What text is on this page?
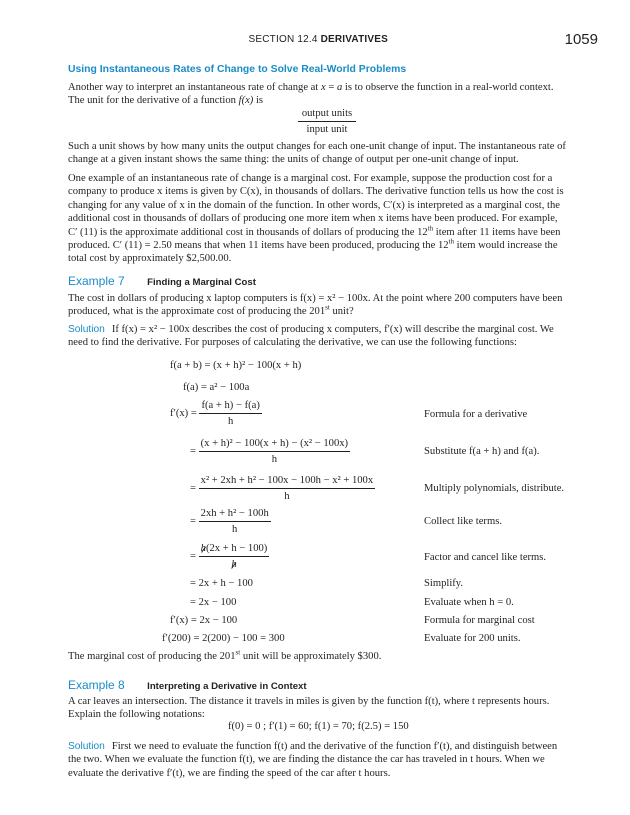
SECTION 12.4 DERIVATIVES	1059
Using Instantaneous Rates of Change to Solve Real-World Problems

Another way to interpret an instantaneous rate of change at x = a is to observe the function in a real-world context.
The unit for the derivative of a function f(x) is

output units
input unit

Such a unit shows by how many units the output changes for each one-unit change of input. The instantaneous rate of
change at a given instant shows the same thing: the units of change of output per one-unit change of input.

One example of an instantaneous rate of change is a marginal cost. For example, suppose the production cost for a
company to produce x items is given by C(x), in thousands of dollars. The derivative function tells us how the cost is
changing for any value of x in the domain of the function. In other words, C′(x) is interpreted as a marginal cost, the
additional cost in thousands of dollars of producing one more item when x items have been produced. For example,
C′ (11) is the approximate additional cost in thousands of dollars of producing the 12th item after 11 items have been
produced. C′ (11) = 2.50 means that when 11 items have been produced, producing the 12th item would increase the
total cost by approximately $2,500.00.

Example 7 Finding a Marginal Cost

The cost in dollars of producing x laptop computers is f(x) = x² − 100x. At the point where 200 computers have been
produced, what is the approximate cost of producing the 201st unit?

Solution If f(x) = x² − 100x describes the cost of producing x computers, f′(x) will describe the marginal cost. We
need to find the derivative. For purposes of calculating the derivative, we can use the following functions:

f(a + b) = (x + h)² − 100(x + h)
f(a) = a² − 100a
$f'(x) = \frac{f(a + h) - f(a)}{h}$	Formula for a derivative
= $\frac{\text{(x + h)² − 100(x + h) − (x² − 100x)}}{h}$	Substitute f(a + h) and f(a).
= $\frac{\text{x² + 2xh + h² − 100x − 100h − x² + 100x}}{h}$	Multiply polynomials, distribute.
= $\frac{\text{2xh + h² − 100h}}{h}$	Collect like terms.
= $\frac{h(2x + h - 100)}{h}$	Factor and cancel like terms.
= 2x + h − 100	Simplify.
= 2x − 100	Evaluate when h = 0.
f′(x) = 2x − 100	Formula for marginal cost
f′(200) = 2(200) − 100 = 300	Evaluate for 200 units.

The marginal cost of producing the 201st unit will be approximately $300.

Example 8 Interpreting a Derivative in Context

A car leaves an intersection. The distance it travels in miles is given by the function f(t), where t represents hours.
Explain the following notations:

f(0) = 0 ; f′(1) = 60; f(1) = 70; f(2.5) = 150

Solution First we need to evaluate the function f(t) and the derivative of the function f′(t), and distinguish between
the two. When we evaluate the function f(t), we are finding the distance the car has traveled in t hours. When we
evaluate the derivative f′(t), we are finding the speed of the car after t hours.
